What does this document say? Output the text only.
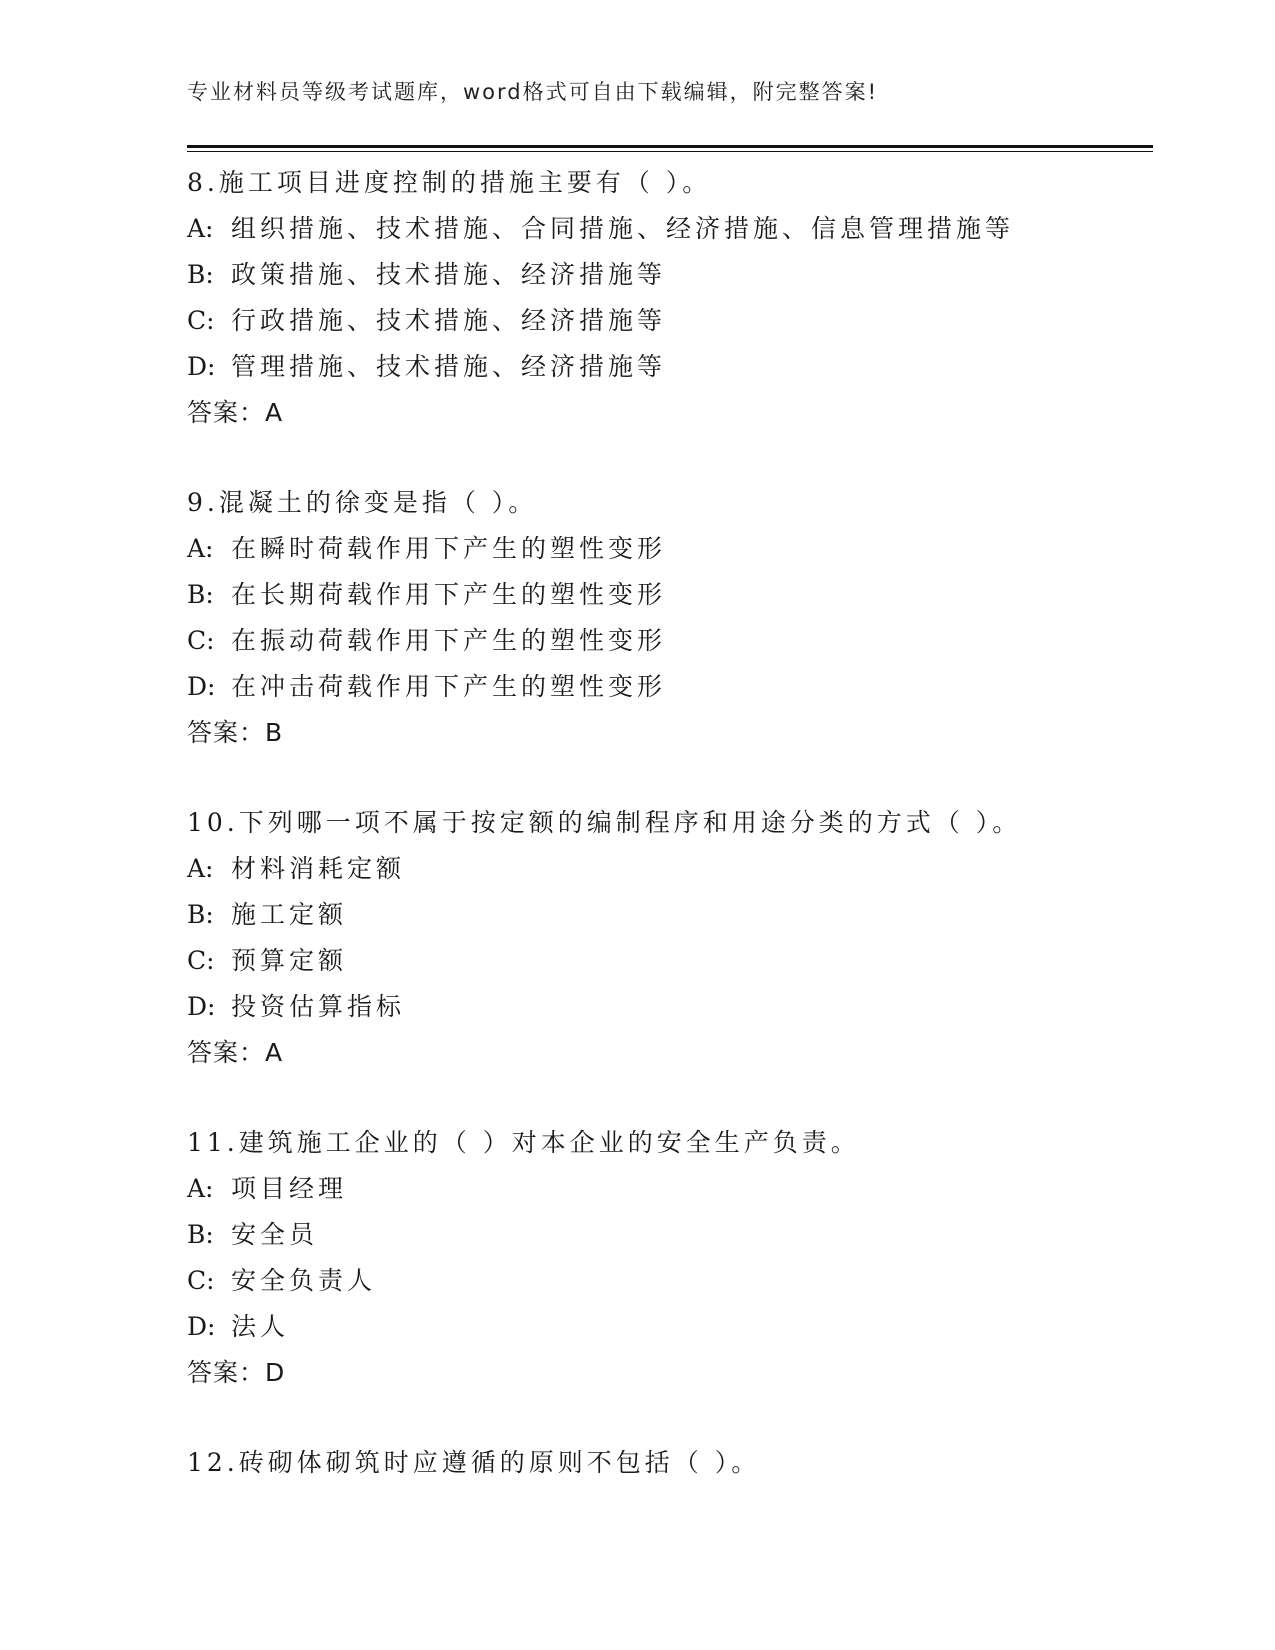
专业材料员等级考试题库，word格式可自由下载编辑，附完整答案!
8.施工项目进度控制的措施主要有（ ）。
A: 组织措施、技术措施、合同措施、经济措施、信息管理措施等
B: 政策措施、技术措施、经济措施等
C: 行政措施、技术措施、经济措施等
D: 管理措施、技术措施、经济措施等
答案：A
9.混凝土的徐变是指（ ）。
A: 在瞬时荷载作用下产生的塑性变形
B: 在长期荷载作用下产生的塑性变形
C: 在振动荷载作用下产生的塑性变形
D: 在冲击荷载作用下产生的塑性变形
答案：B
10.下列哪一项不属于按定额的编制程序和用途分类的方式（ ）。
A: 材料消耗定额
B: 施工定额
C: 预算定额
D: 投资估算指标
答案：A
11.建筑施工企业的（ ）对本企业的安全生产负责。
A: 项目经理
B: 安全员
C: 安全负责人
D: 法人
答案：D
12.砖砌体砌筑时应遵循的原则不包括（ ）。
